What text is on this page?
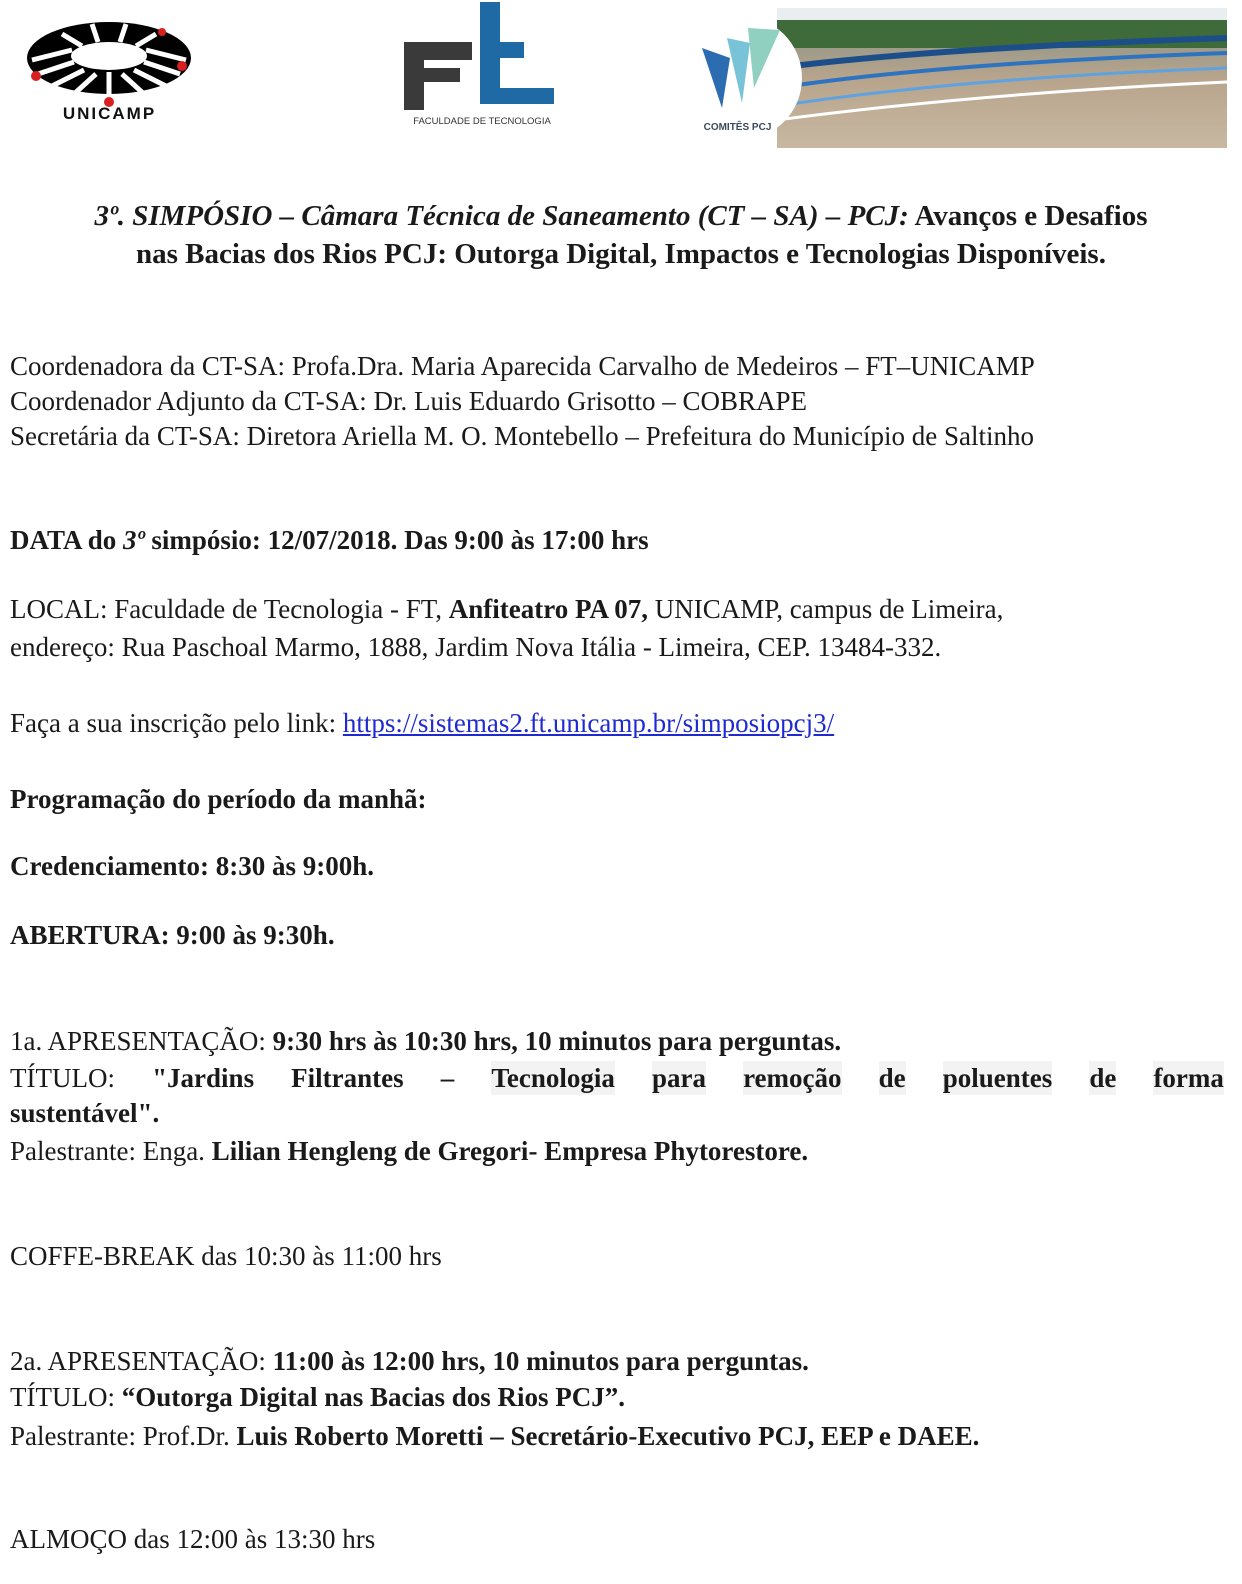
UNICAMP	FACULDADE DE TECNOLOGIA
COMITÊS PCJ
3º. SIMPÓSIO – Câmara Técnica de Saneamento (CT – SA) – PCJ: Avanços e Desafios
nas Bacias dos Rios PCJ: Outorga Digital, Impactos e Tecnologias Disponíveis.
Coordenadora da CT-SA: Profa.Dra. Maria Aparecida Carvalho de Medeiros – FT–UNICAMP
Coordenador Adjunto da CT-SA: Dr. Luis Eduardo Grisotto – COBRAPE
Secretária da CT-SA: Diretora Ariella M. O. Montebello – Prefeitura do Município de Saltinho
DATA do 3º simpósio: 12/07/2018. Das 9:00 às 17:00 hrs
LOCAL: Faculdade de Tecnologia - FT, Anfiteatro PA 07, UNICAMP, campus de Limeira,
endereço: Rua Paschoal Marmo, 1888, Jardim Nova Itália - Limeira, CEP. 13484-332.
Faça a sua inscrição pelo link: https://sistemas2.ft.unicamp.br/simposiopcj3/
Programação do período da manhã:
Credenciamento: 8:30 às 9:00h.
ABERTURA: 9:00 às 9:30h.
1a. APRESENTAÇÃO: 9:30 hrs às 10:30 hrs, 10 minutos para perguntas.
TÍTULO: "Jardins Filtrantes – Tecnologia para remoção de poluentes de forma
sustentável".
Palestrante: Enga. Lilian Hengleng de Gregori- Empresa Phytorestore.
COFFE-BREAK das 10:30 às 11:00 hrs
2a. APRESENTAÇÃO: 11:00 às 12:00 hrs, 10 minutos para perguntas.
TÍTULO: “Outorga Digital nas Bacias dos Rios PCJ”.
Palestrante: Prof.Dr. Luis Roberto Moretti – Secretário-Executivo PCJ, EEP e DAEE.
ALMOÇO das 12:00 às 13:30 hrs
